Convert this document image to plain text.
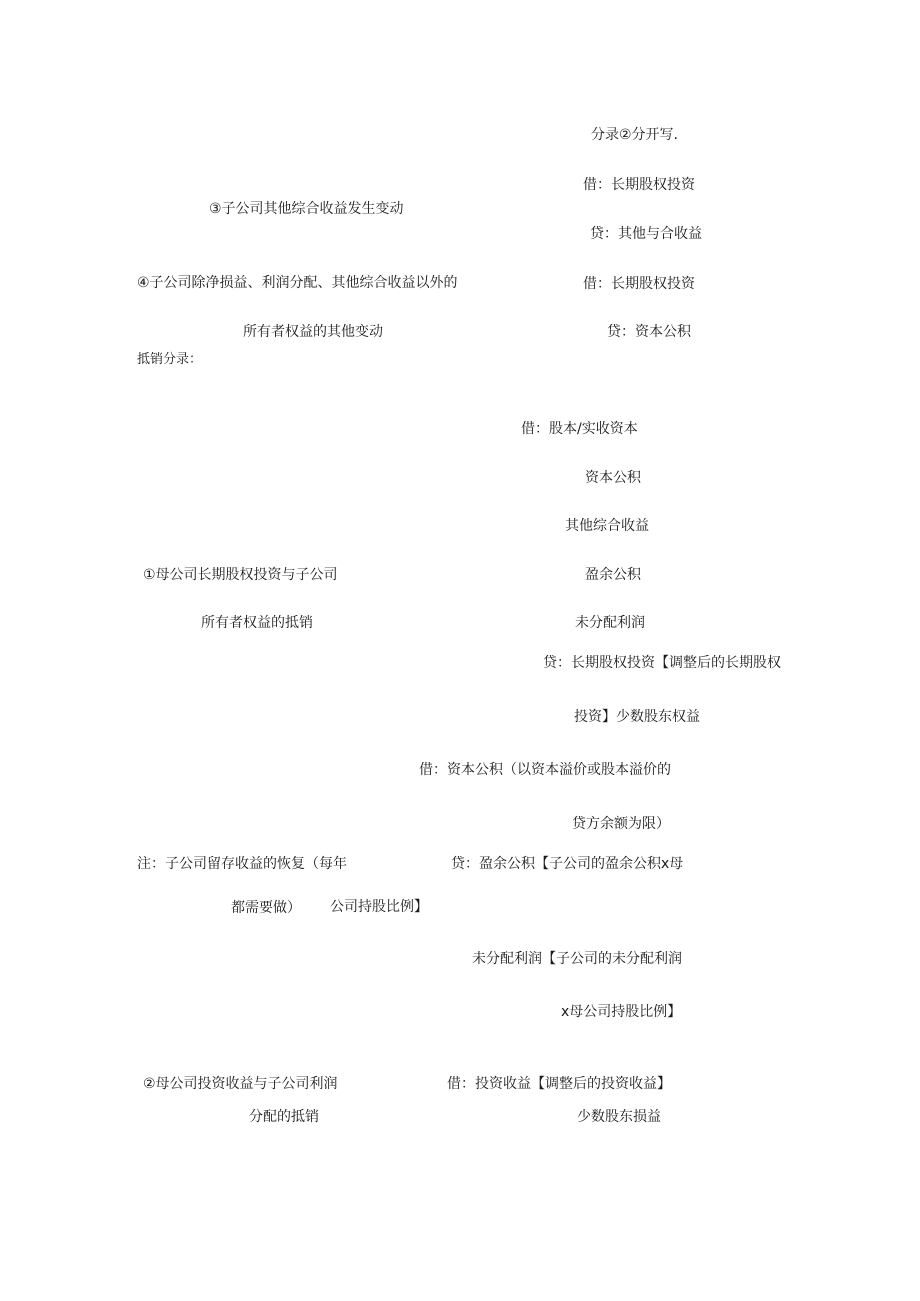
分录②分开写.
借：长期股权投资
③子公司其他综合收益发生变动
贷：其他与合收益
④子公司除净损益、利润分配、其他综合收益以外的	借：长期股权投资
所有者权益的其他变动	贷：资本公积
抵销分录：
借：股本/实收资本
资本公积
其他综合收益
①母公司长期股权投资与子公司	盈余公积
所有者权益的抵销	未分配利润
贷：长期股权投资【调整后的长期股权
投资】少数股东权益
借：资本公积（以资本溢价或股本溢价的
贷方余额为限）
注：子公司留存收益的恢复（每年	贷：盈余公积【子公司的盈余公积x母
都需要做） 公司持股比例】
未分配利润【子公司的未分配利润
x母公司持股比例】
②母公司投资收益与子公司利润	借：投资收益【调整后的投资收益】
分配的抵销	少数股东损益
